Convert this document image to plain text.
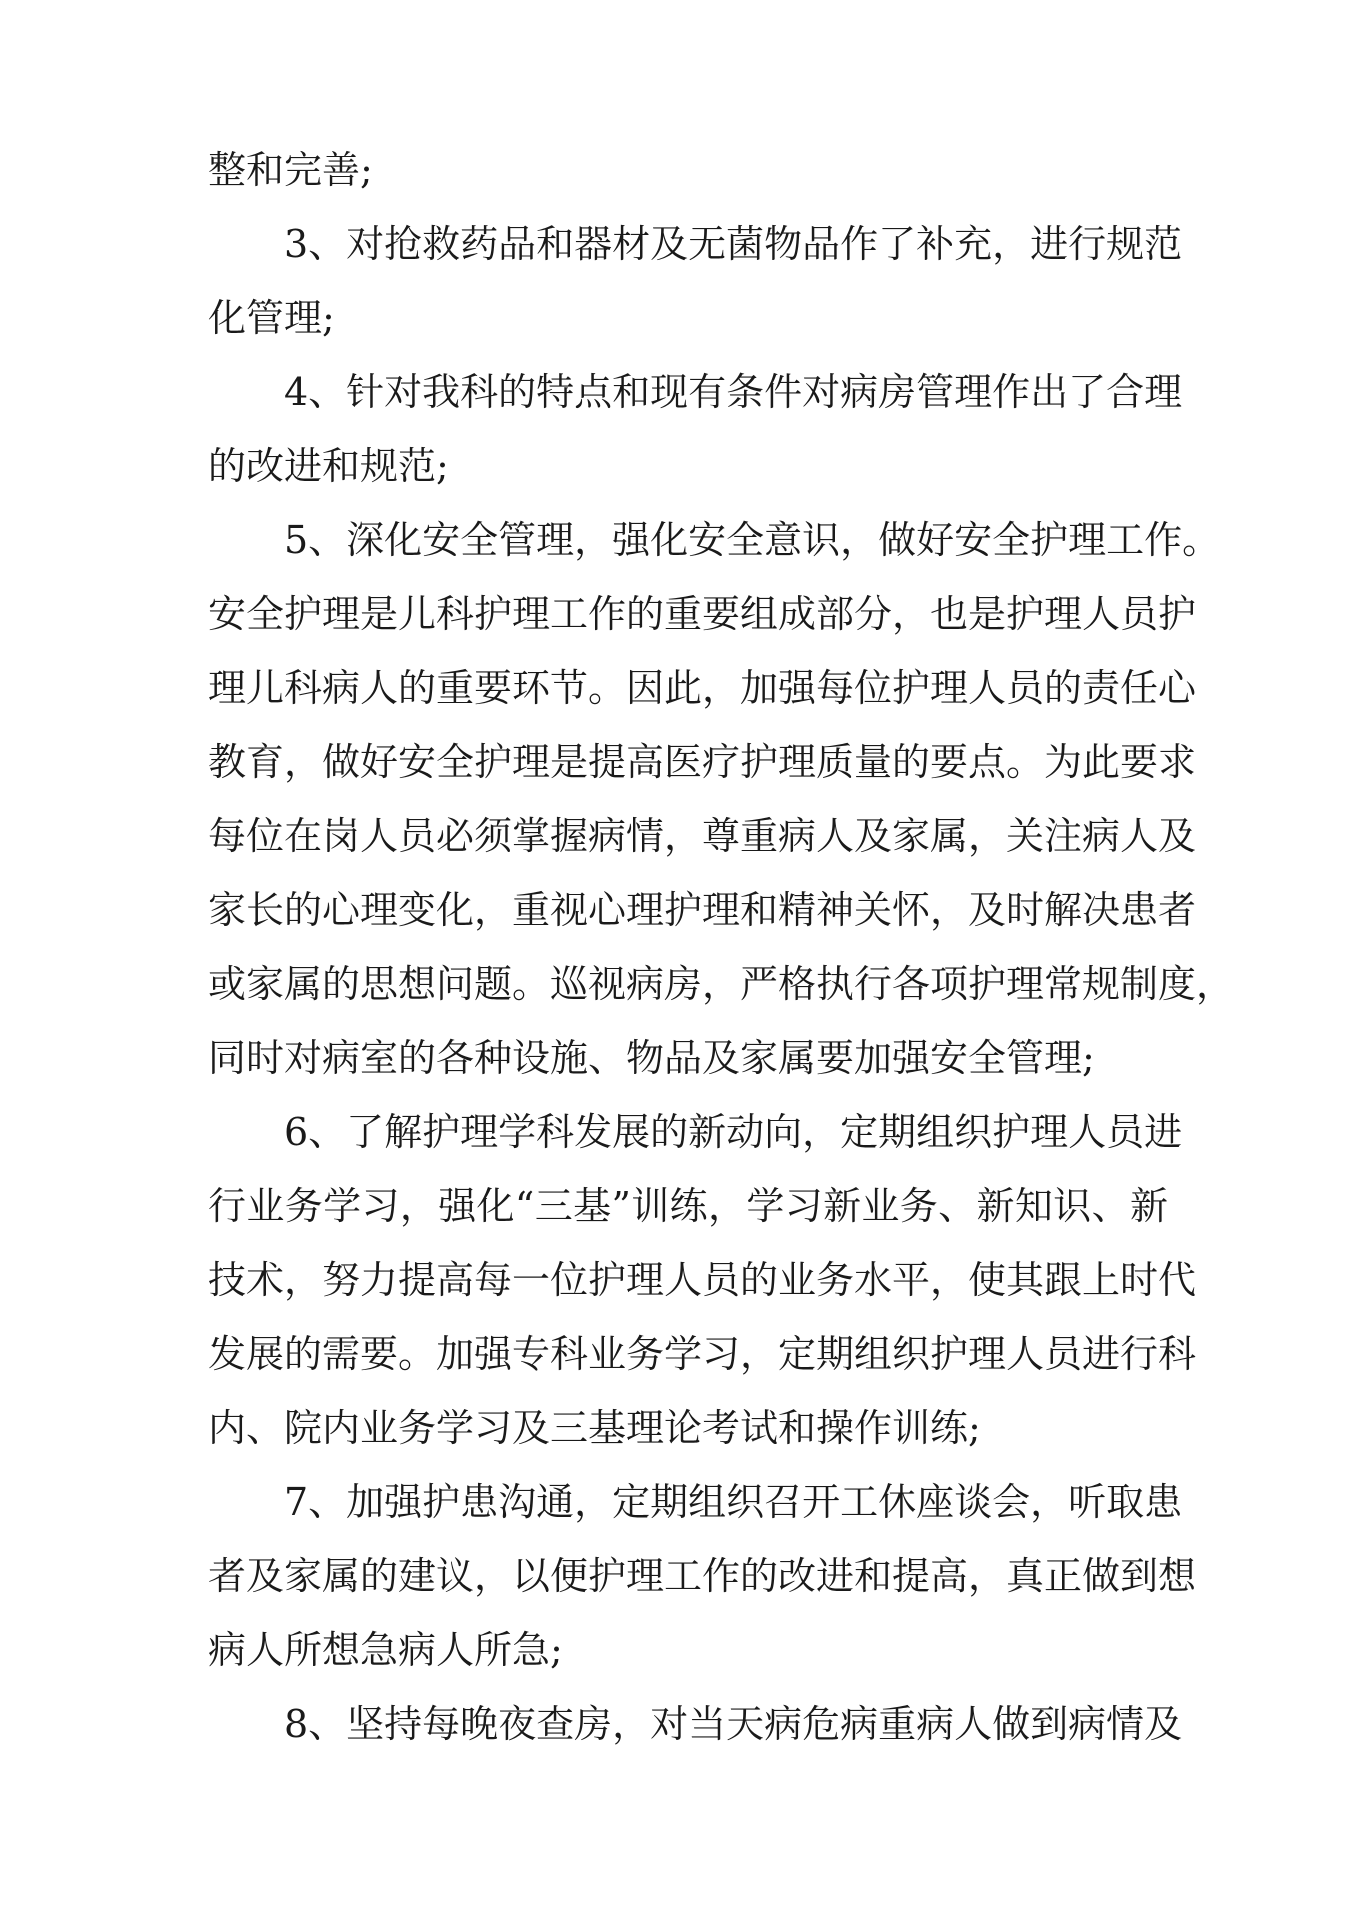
整和完善;
3、对抢救药品和器材及无菌物品作了补充，进行规范
化管理;
4、针对我科的特点和现有条件对病房管理作出了合理
的改进和规范;
5、深化安全管理，强化安全意识，做好安全护理工作。
安全护理是儿科护理工作的重要组成部分，也是护理人员护
理儿科病人的重要环节。因此，加强每位护理人员的责任心
教育，做好安全护理是提高医疗护理质量的要点。为此要求
每位在岗人员必须掌握病情，尊重病人及家属，关注病人及
家长的心理变化，重视心理护理和精神关怀，及时解决患者
或家属的思想问题。巡视病房，严格执行各项护理常规制度，
同时对病室的各种设施、物品及家属要加强安全管理;
6、了解护理学科发展的新动向，定期组织护理人员进
行业务学习，强化“三基”训练，学习新业务、新知识、新
技术，努力提高每一位护理人员的业务水平，使其跟上时代
发展的需要。加强专科业务学习，定期组织护理人员进行科
内、院内业务学习及三基理论考试和操作训练;
7、加强护患沟通，定期组织召开工休座谈会，听取患
者及家属的建议，以便护理工作的改进和提高，真正做到想
病人所想急病人所急;
8、坚持每晚夜查房，对当天病危病重病人做到病情及
